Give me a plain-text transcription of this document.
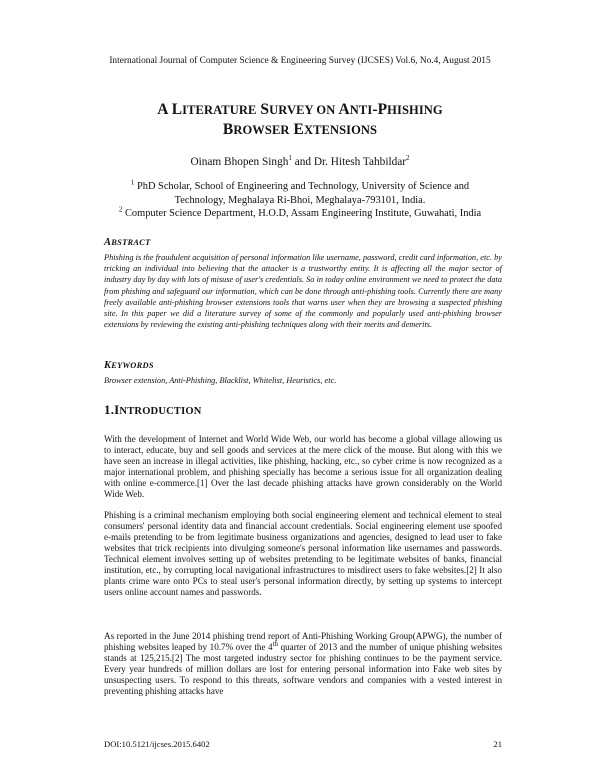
International Journal of Computer Science & Engineering Survey (IJCSES) Vol.6, No.4, August 2015
A LITERATURE SURVEY ON ANTI-PHISHING
BROWSER EXTENSIONS
Oinam Bhopen Singh$^1$ and Dr. Hitesh Tahbildar$^2$

$^1$ PhD Scholar, School of Engineering and Technology, University of Science and

Technology, Meghalaya Ri-Bhoi, Meghalaya-793101, India.

$^2$ Computer Science Department, H.O.D, Assam Engineering Institute, Guwahati, India

ABSTRACT

Phishing is the fraudulent acquisition of personal information like username, password, credit card information, etc. by tricking an individual into believing that the attacker is a trustworthy entity. It is affecting all the major sector of industry day by day with lots of misuse of user's credentials. So in today online environment we need to protect the data from phishing and safeguard our information, which can be done through anti-phishing tools. Currently there are many freely available anti-phishing browser extensions tools that warns user when they are browsing a suspected phishing site. In this paper we did a literature survey of some of the commonly and popularly used anti-phishing browser extensions by reviewing the existing anti-phishing techniques along with their merits and demerits.

KEYWORDS

Browser extension, Anti-Phishing, Blacklist, Whitelist, Heuristics, etc.

1.INTRODUCTION

With the development of Internet and World Wide Web, our world has become a global village allowing us to interact, educate, buy and sell goods and services at the mere click of the mouse. But along with this we have seen an increase in illegal activities, like phishing, hacking, etc., so cyber crime is now recognized as a major international problem, and phishing specially has become a serious issue for all organization dealing with online e-commerce.[1] Over the last decade phishing attacks have grown considerably on the World Wide Web.

Phishing is a criminal mechanism employing both social engineering element and technical element to steal consumers' personal identity data and financial account credentials. Social engineering element use spoofed e-mails pretending to be from legitimate business organizations and agencies, designed to lead user to fake websites that trick recipients into divulging someone's personal information like usernames and passwords. Technical element involves setting up of websites pretending to be legitimate websites of banks, financial institution, etc., by corrupting local navigational infrastructures to misdirect users to fake websites.[2] It also plants crime ware onto PCs to steal user's personal information directly, by setting up systems to intercept users online account names and passwords.

As reported in the June 2014 phishing trend report of Anti-Phishing Working Group(APWG), the number of phishing websites leaped by 10.7% over the 4th quarter of 2013 and the number of unique phishing websites stands at 125,215.[2] The most targeted industry sector for phishing continues to be the payment service. Every year hundreds of million dollars are lost for entering personal information into Fake web sites by unsuspecting users. To respond to this threats, software vendors and companies with a vested interest in preventing phishing attacks have

DOI:10.5121/ijcses.2015.6402	21
